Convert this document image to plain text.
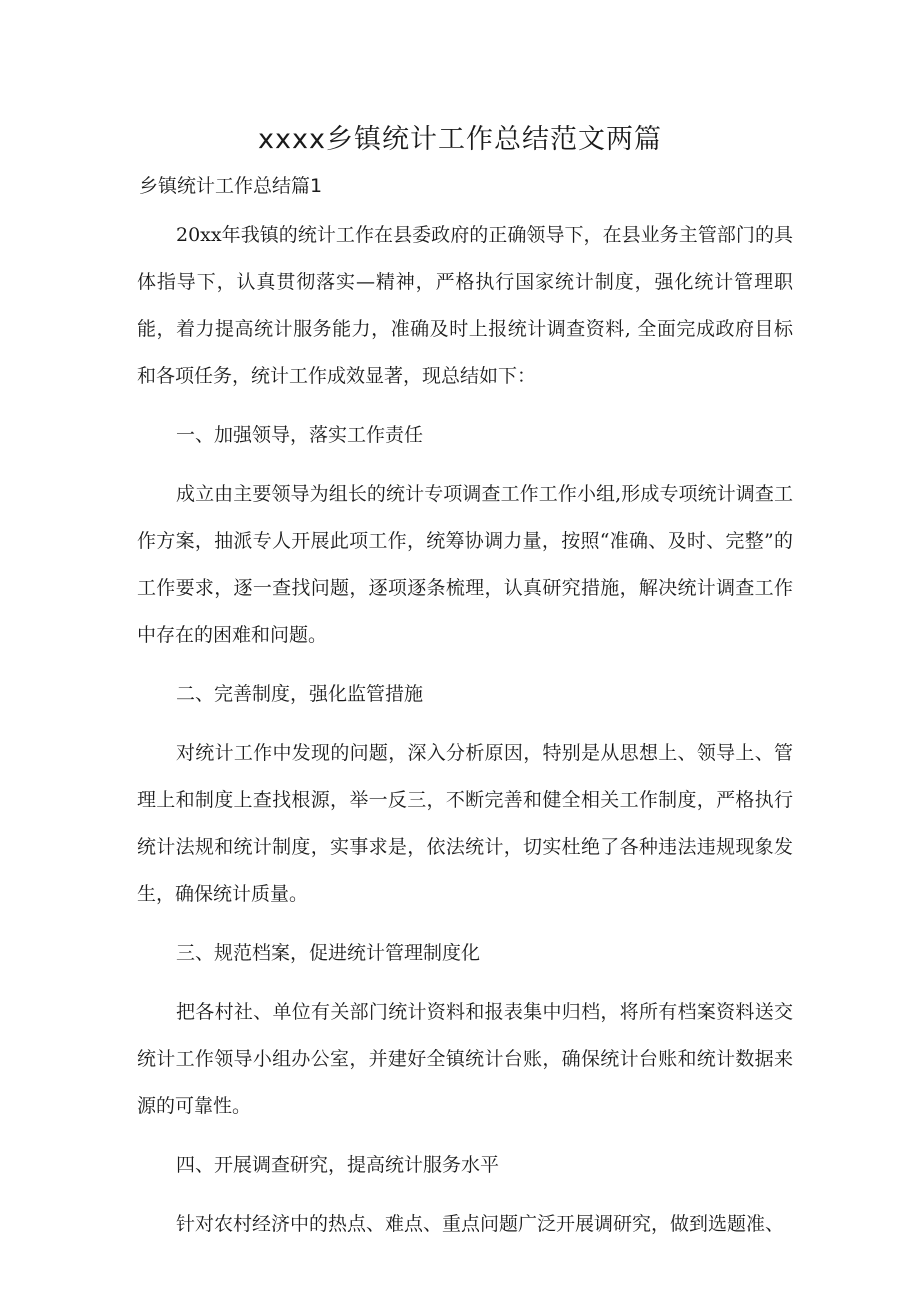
xxxx乡镇统计工作总结范文两篇
乡镇统计工作总结篇1

20xx年我镇的统计工作在县委政府的正确领导下，在县业务主管部门的具体指导下，认真贯彻落实—精神，严格执行国家统计制度，强化统计管理职能，着力提高统计服务能力，准确及时上报统计调查资料, 全面完成政府目标和各项任务，统计工作成效显著，现总结如下：

一、加强领导，落实工作责任

成立由主要领导为组长的统计专项调查工作工作小组,形成专项统计调查工作方案，抽派专人开展此项工作，统筹协调力量，按照“准确、及时、完整”的工作要求，逐一查找问题，逐项逐条梳理，认真研究措施，解决统计调查工作中存在的困难和问题。

二、完善制度，强化监管措施

对统计工作中发现的问题，深入分析原因，特别是从思想上、领导上、管理上和制度上查找根源，举一反三，不断完善和健全相关工作制度，严格执行统计法规和统计制度，实事求是，依法统计，切实杜绝了各种违法违规现象发生，确保统计质量。

三、规范档案，促进统计管理制度化

把各村社、单位有关部门统计资料和报表集中归档，将所有档案资料送交统计工作领导小组办公室，并建好全镇统计台账，确保统计台账和统计数据来源的可靠性。

四、开展调查研究，提高统计服务水平

针对农村经济中的热点、难点、重点问题广泛开展调研究，做到选题准、
